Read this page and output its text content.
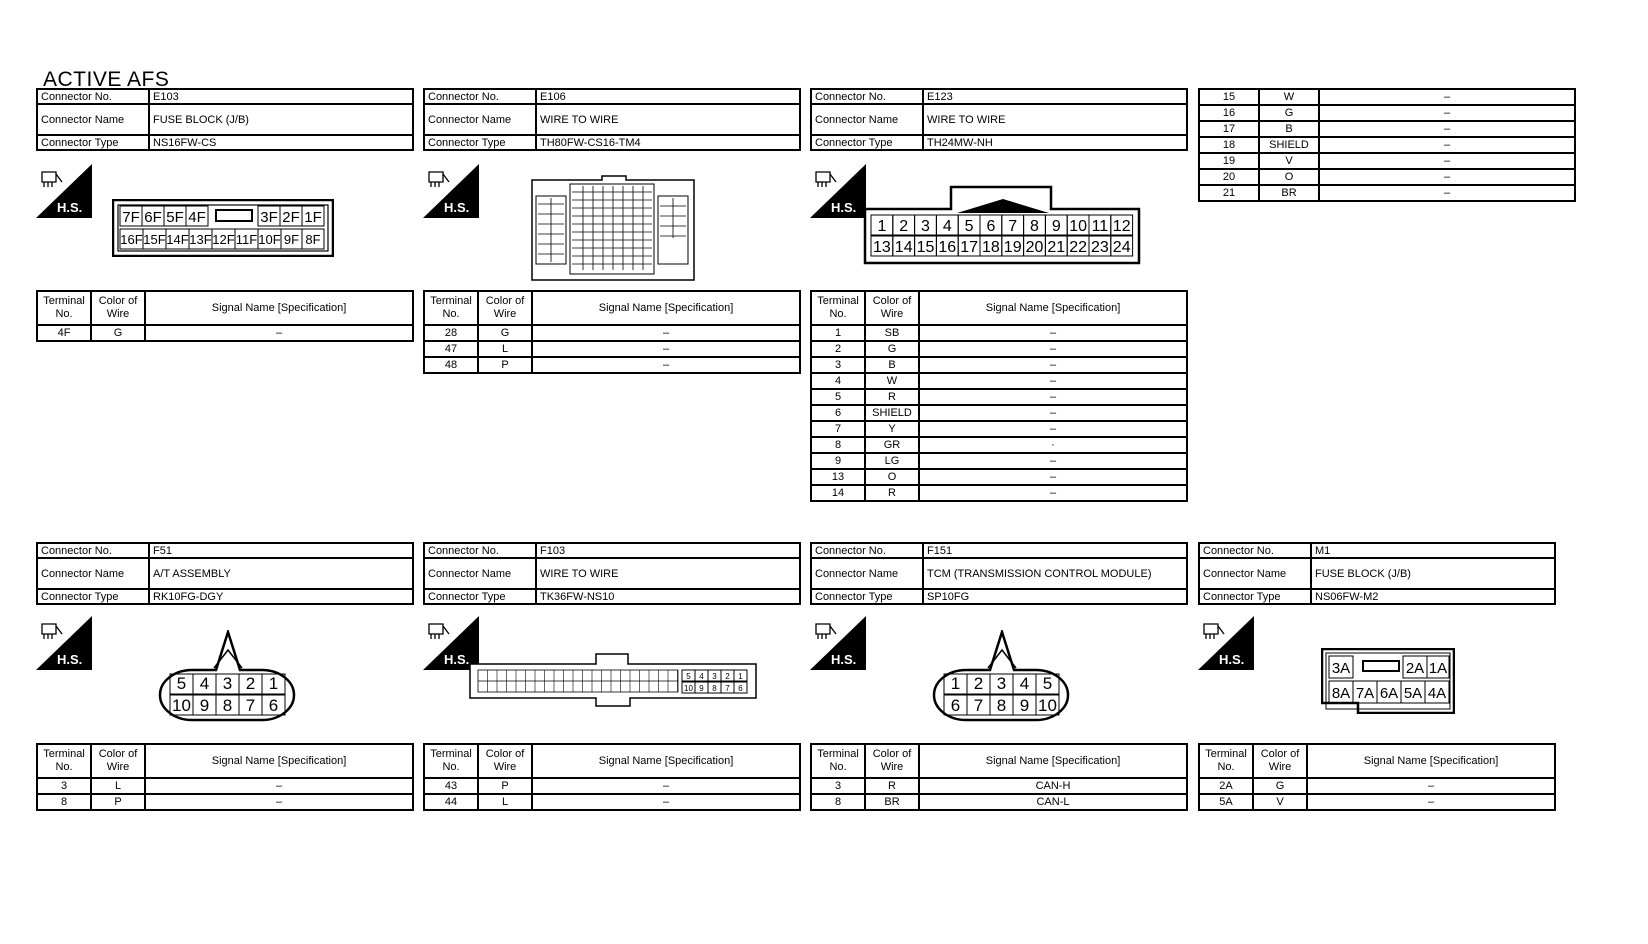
ACTIVE AFS
Connector No.	E103
Connector Name	FUSE BLOCK (J/B)
Connector Type	NS16FW-CS
H.S.
7F 6F 5F 4F	3F 2F 1F
16F 15F 14F 13F 12F 11F 10F 9F 8F
Terminal No.	Color of Wire	Signal Name [Specification]
4F	G	–
Connector No.	E106
Connector Name	WIRE TO WIRE
Connector Type	TH80FW-CS16-TM4
H.S.
Terminal No.	Color of Wire	Signal Name [Specification]
28	G	–
47	L	–
48	P	–
Connector No.	E123
Connector Name	WIRE TO WIRE
Connector Type	TH24MW-NH
H.S.
1 2 3 4 5 6 7 8 9 10 11 12
13 14 15 16 17 18 19 20 21 22 23 24
Terminal No.	Color of Wire	Signal Name [Specification]
1	SB	–
2	G	–
3	B	–
4	W	–
5	R	–
6	SHIELD	–
7	Y	–
8	GR	·
9	LG	–
13	O	–
14	R	–
15	W	–
16	G	–
17	B	–
18	SHIELD	–
19	V	–
20	O	–
21	BR	–
Connector No.	F51
Connector Name	A/T ASSEMBLY
Connector Type	RK10FG-DGY
H.S.
5 4 3 2 1
10 9 8 7 6
Terminal No.	Color of Wire	Signal Name [Specification]
3	L	–
8	P	–
Connector No.	F103
Connector Name	WIRE TO WIRE
Connector Type	TK36FW-NS10
H.S.
5 4 3 2 1
10 9 8 7 6
Terminal No.	Color of Wire	Signal Name [Specification]
43	P	–
44	L	–
Connector No.	F151
Connector Name	TCM (TRANSMISSION CONTROL MODULE)
Connector Type	SP10FG
H.S.
1 2 3 4 5
6 7 8 9 10
Terminal No.	Color of Wire	Signal Name [Specification]
3	R	CAN-H
8	BR	CAN-L
Connector No.	M1
Connector Name	FUSE BLOCK (J/B)
Connector Type	NS06FW-M2
H.S.
3A	2A 1A
8A 7A 6A 5A 4A
Terminal No.	Color of Wire	Signal Name [Specification]
2A	G	–
5A	V	–
